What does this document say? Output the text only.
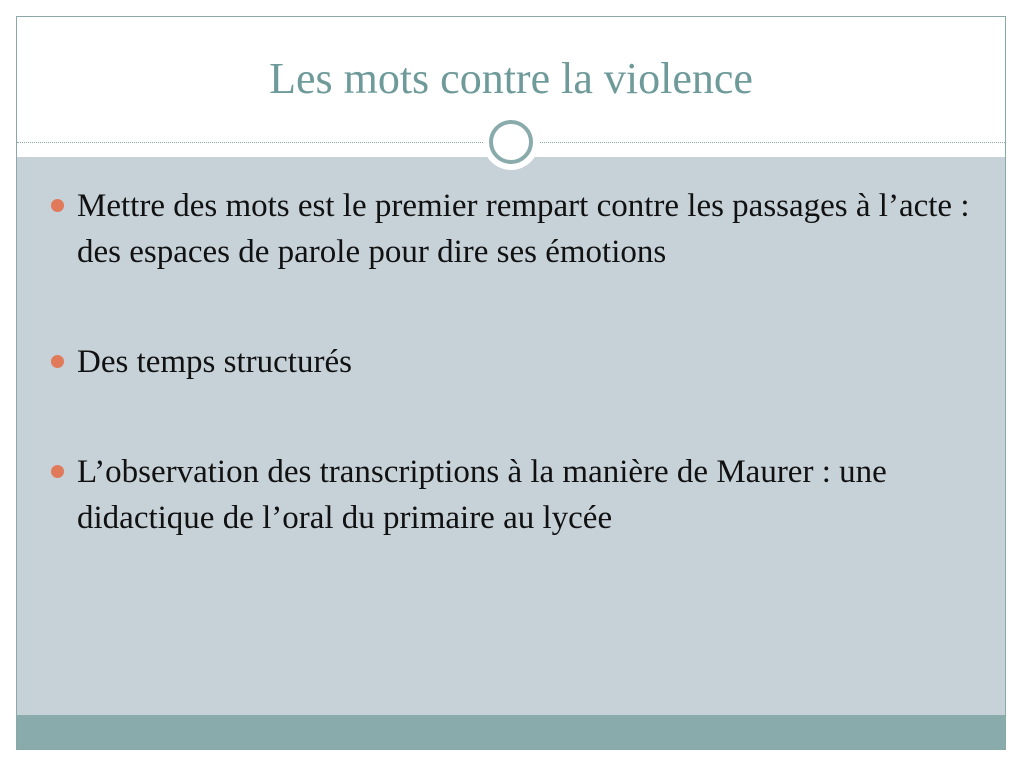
Les mots contre la violence
Mettre des mots est le premier rempart contre les passages à l’acte : des espaces de parole pour dire ses émotions
Des temps structurés
L’observation des transcriptions à la manière de Maurer : une didactique de l’oral du primaire au lycée
